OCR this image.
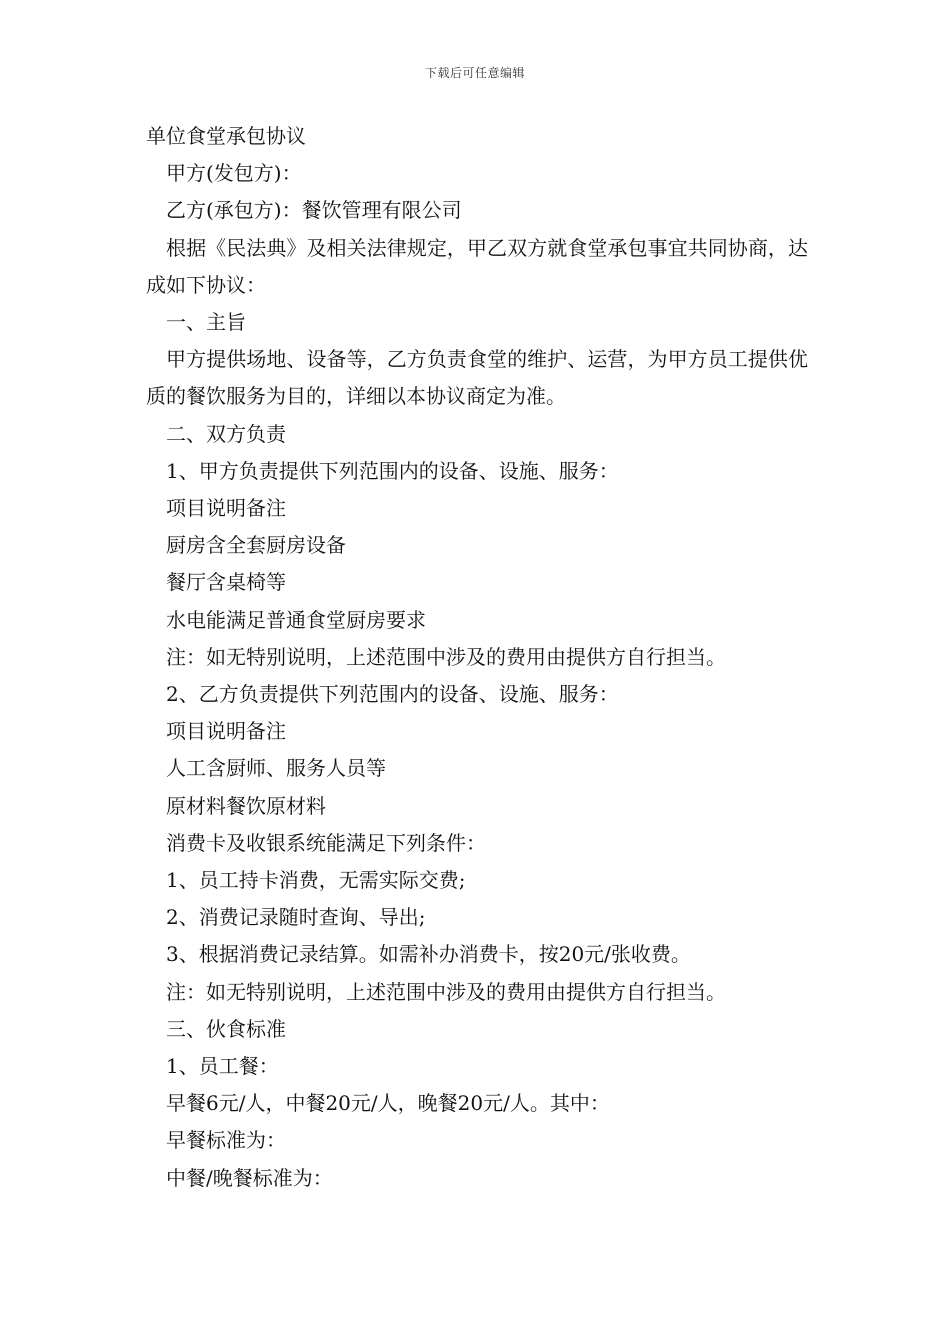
下载后可任意编辑

单位食堂承包协议

甲方(发包方)：

乙方(承包方)：餐饮管理有限公司

根据《民法典》及相关法律规定，甲乙双方就食堂承包事宜共同协商，达成如下协议：

一、主旨

甲方提供场地、设备等，乙方负责食堂的维护、运营，为甲方员工提供优质的餐饮服务为目的，详细以本协议商定为准。

二、双方负责

1、甲方负责提供下列范围内的设备、设施、服务：

项目说明备注

厨房含全套厨房设备

餐厅含桌椅等

水电能满足普通食堂厨房要求

注：如无特别说明，上述范围中涉及的费用由提供方自行担当。

2、乙方负责提供下列范围内的设备、设施、服务：

项目说明备注

人工含厨师、服务人员等

原材料餐饮原材料

消费卡及收银系统能满足下列条件：

1、员工持卡消费，无需实际交费;

2、消费记录随时查询、导出;

3、根据消费记录结算。如需补办消费卡，按20元/张收费。

注：如无特别说明，上述范围中涉及的费用由提供方自行担当。

三、伙食标准

1、员工餐：

早餐6元/人，中餐20元/人，晚餐20元/人。其中：

早餐标准为：

中餐/晚餐标准为：
